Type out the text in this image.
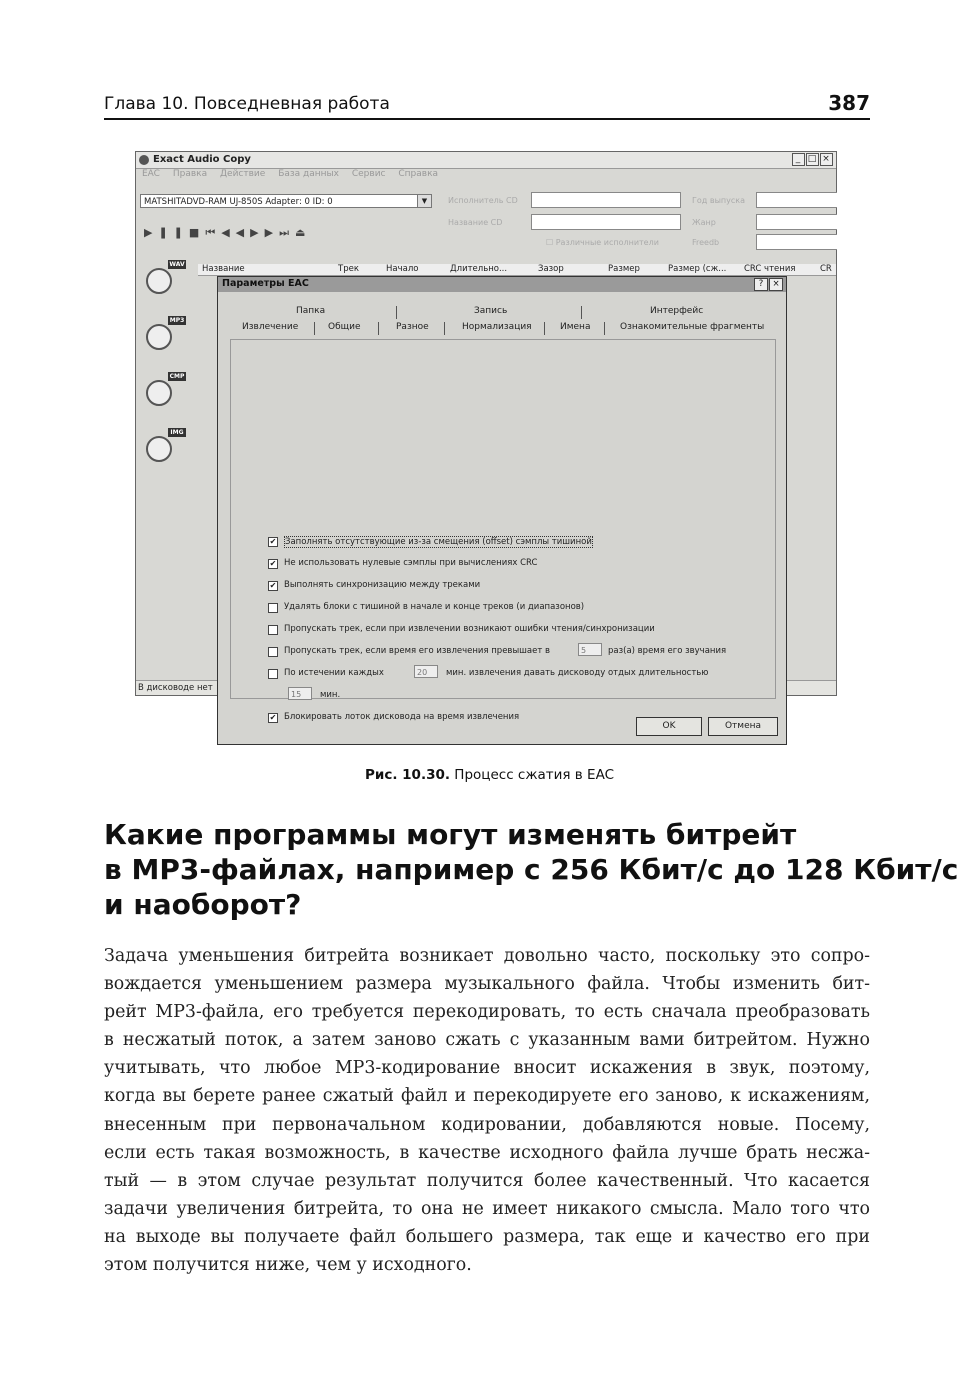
Глава 10. Повседневная работа	387
Exact Audio Copy	_ □ ×
EAC Правка Действие База данных Сервис Справка
MATSHITADVD-RAM UJ-850S Adapter: 0 ID: 0	▼	Исполнитель CD
Название CD
☐ Различные исполнители
Год выпуска
Жанр
Freedb
▶❚❚■⏮◀◀▶▶⏭⏏
WAV
MP3
CMP
IMG
Название	Трек	Начало	Длительно...	Зазор	Размер	Размер (сж... CRC чтения	CR
В дисководе нет
Параметры EAC	?	×
Папка	Запись	Интерфейс
Извлечение	Общие	Разное	Нормализация	Имена	Ознакомительные фрагменты
✔ Заполнять отсутствующие из-за смещения (offset) сэмплы тишиной
✔ Не использовать нулевые сэмплы при вычислениях CRC
✔ Выполнять синхронизацию между треками
Удалять блоки с тишиной в начале и конце треков (и диапазонов)
Пропускать трек, если при извлечении возникают ошибки чтения/синхронизации
Пропускать трек, если время его извлечения превышает в	5	раз(а) время его звучания
По истечении каждых	20	мин. извлечения давать дисководу отдых длительностью
15	мин.
✔ Блокировать лоток дисковода на время извлечения
OK	Отмена
Рис. 10.30. Процесс сжатия в EAC
Какие программы могут изменять битрейт
в MP3-файлах, например с 256 Кбит/с до 128 Кбит/с
и наоборот?
Задача уменьшения битрейта возникает довольно часто, поскольку это сопро-
вождается уменьшением размера музыкального файла. Чтобы изменить бит-
рейт MP3-файла, его требуется перекодировать, то есть сначала преобразовать
в несжатый поток, а затем заново сжать с указанным вами битрейтом. Нужно
учитывать, что любое MP3-кодирование вносит искажения в звук, поэтому,
когда вы берете ранее сжатый файл и перекодируете его заново, к искажениям,
внесенным при первоначальном кодировании, добавляются новые. Посему,
если есть такая возможность, в качестве исходного файла лучше брать несжа-
тый — в этом случае результат получится более качественный. Что касается
задачи увеличения битрейта, то она не имеет никакого смысла. Мало того что
на выходе вы получаете файл большего размера, так еще и качество его при
этом получится ниже, чем у исходного.
